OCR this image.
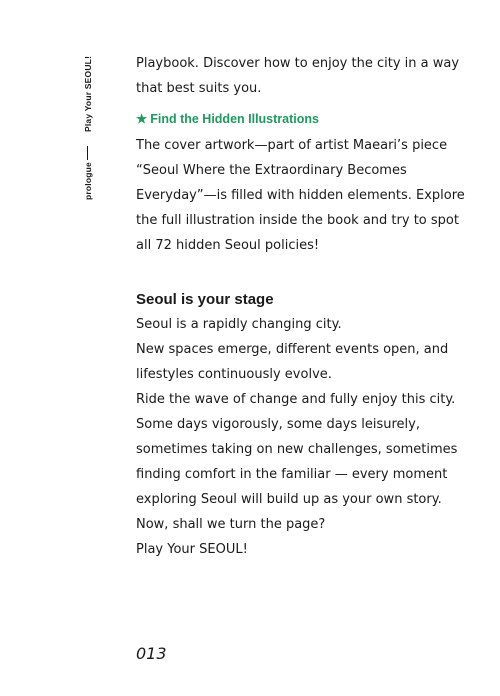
Play Your SEOUL!
prologue

Playbook. Discover how to enjoy the city in a way that best suits you.

★ Find the Hidden Illustrations

The cover artwork—part of artist Maeari’s piece “Seoul Where the Extraordinary Becomes Everyday”—is filled with hidden elements. Explore the full illustration inside the book and try to spot all 72 hidden Seoul policies!

Seoul is your stage

Seoul is a rapidly changing city.

New spaces emerge, different events open, and lifestyles continuously evolve.

Ride the wave of change and fully enjoy this city.

Some days vigorously, some days leisurely, sometimes taking on new challenges, sometimes finding comfort in the familiar — every moment exploring Seoul will build up as your own story.

Now, shall we turn the page?

Play Your SEOUL!

013
